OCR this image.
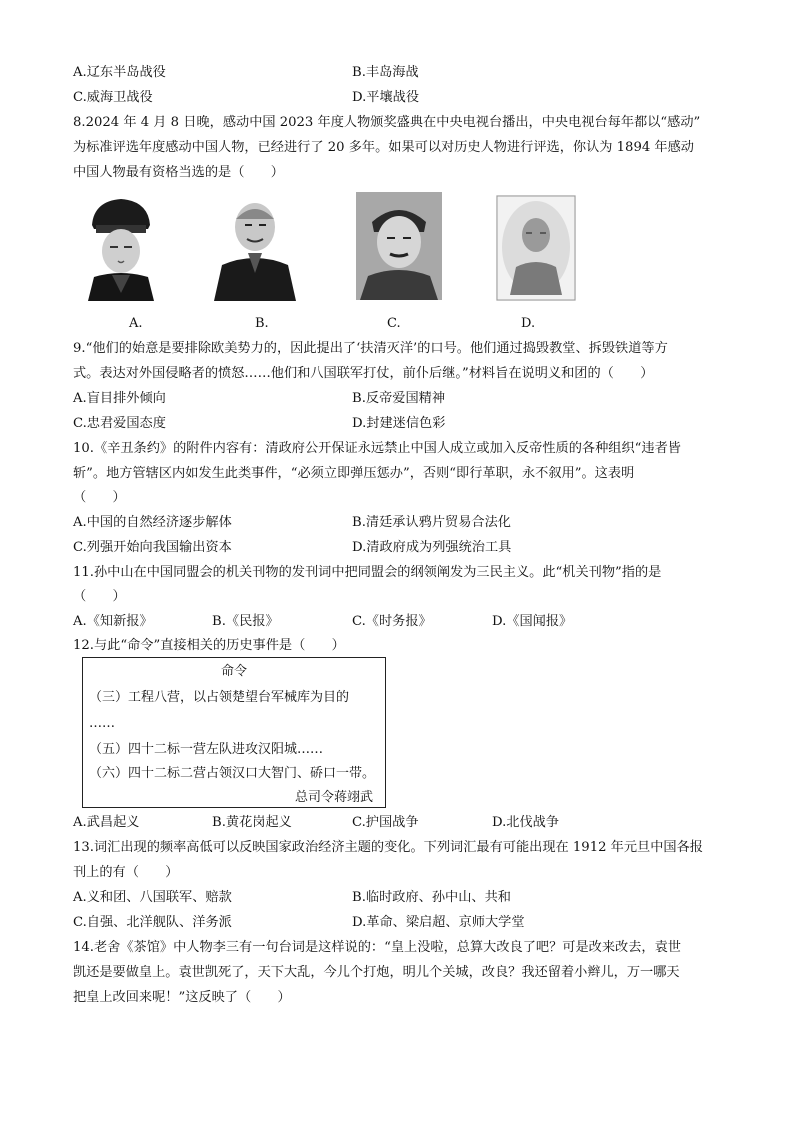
A.辽东半岛战役	B.丰岛海战
C.威海卫战役	D.平壤战役
8.2024 年 4 月 8 日晚，感动中国 2023 年度人物颁奖盛典在中央电视台播出，中央电视台每年都以“感动”
为标准评选年度感动中国人物，已经进行了 20 多年。如果可以对历史人物进行评选，你认为 1894 年感动
中国人物最有资格当选的是（　　）
A.	B.	C.	D.
9.“他们的始意是要排除欧美势力的，因此提出了‘扶清灭洋’的口号。他们通过捣毁教堂、拆毁铁道等方
式。表达对外国侵略者的愤怒……他们和八国联军打仗，前仆后继。”材料旨在说明义和团的（　　）
A.盲目排外倾向	B.反帝爱国精神
C.忠君爱国态度	D.封建迷信色彩
10.《辛丑条约》的附件内容有：清政府公开保证永远禁止中国人成立或加入反帝性质的各种组织“违者皆
斩”。地方管辖区内如发生此类事件，“必须立即弹压惩办”，否则“即行革职，永不叙用”。这表明
（　　）
A.中国的自然经济逐步解体	B.清廷承认鸦片贸易合法化
C.列强开始向我国输出资本	D.清政府成为列强统治工具
11.孙中山在中国同盟会的机关刊物的发刊词中把同盟会的纲领阐发为三民主义。此“机关刊物”指的是
（　　）
A.《知新报》	B.《民报》	C.《时务报》	D.《国闻报》
12.与此“命令”直接相关的历史事件是（　　）
命令
（三）工程八营，以占领楚望台军械库为目的
……
（五）四十二标一营左队进攻汉阳城……
（六）四十二标二营占领汉口大智门、硚口一带。
总司令蒋翊武
A.武昌起义	B.黄花岗起义	C.护国战争	D.北伐战争
13.词汇出现的频率高低可以反映国家政治经济主题的变化。下列词汇最有可能出现在 1912 年元旦中国各报
刊上的有（　　）
A.义和团、八国联军、赔款	B.临时政府、孙中山、共和
C.自强、北洋舰队、洋务派	D.革命、梁启超、京师大学堂
14.老舍《茶馆》中人物李三有一句台词是这样说的：“皇上没啦，总算大改良了吧？可是改来改去，袁世
凯还是要做皇上。袁世凯死了，天下大乱，今儿个打炮，明儿个关城，改良？我还留着小辫儿，万一哪天
把皇上改回来呢！”这反映了（　　）
